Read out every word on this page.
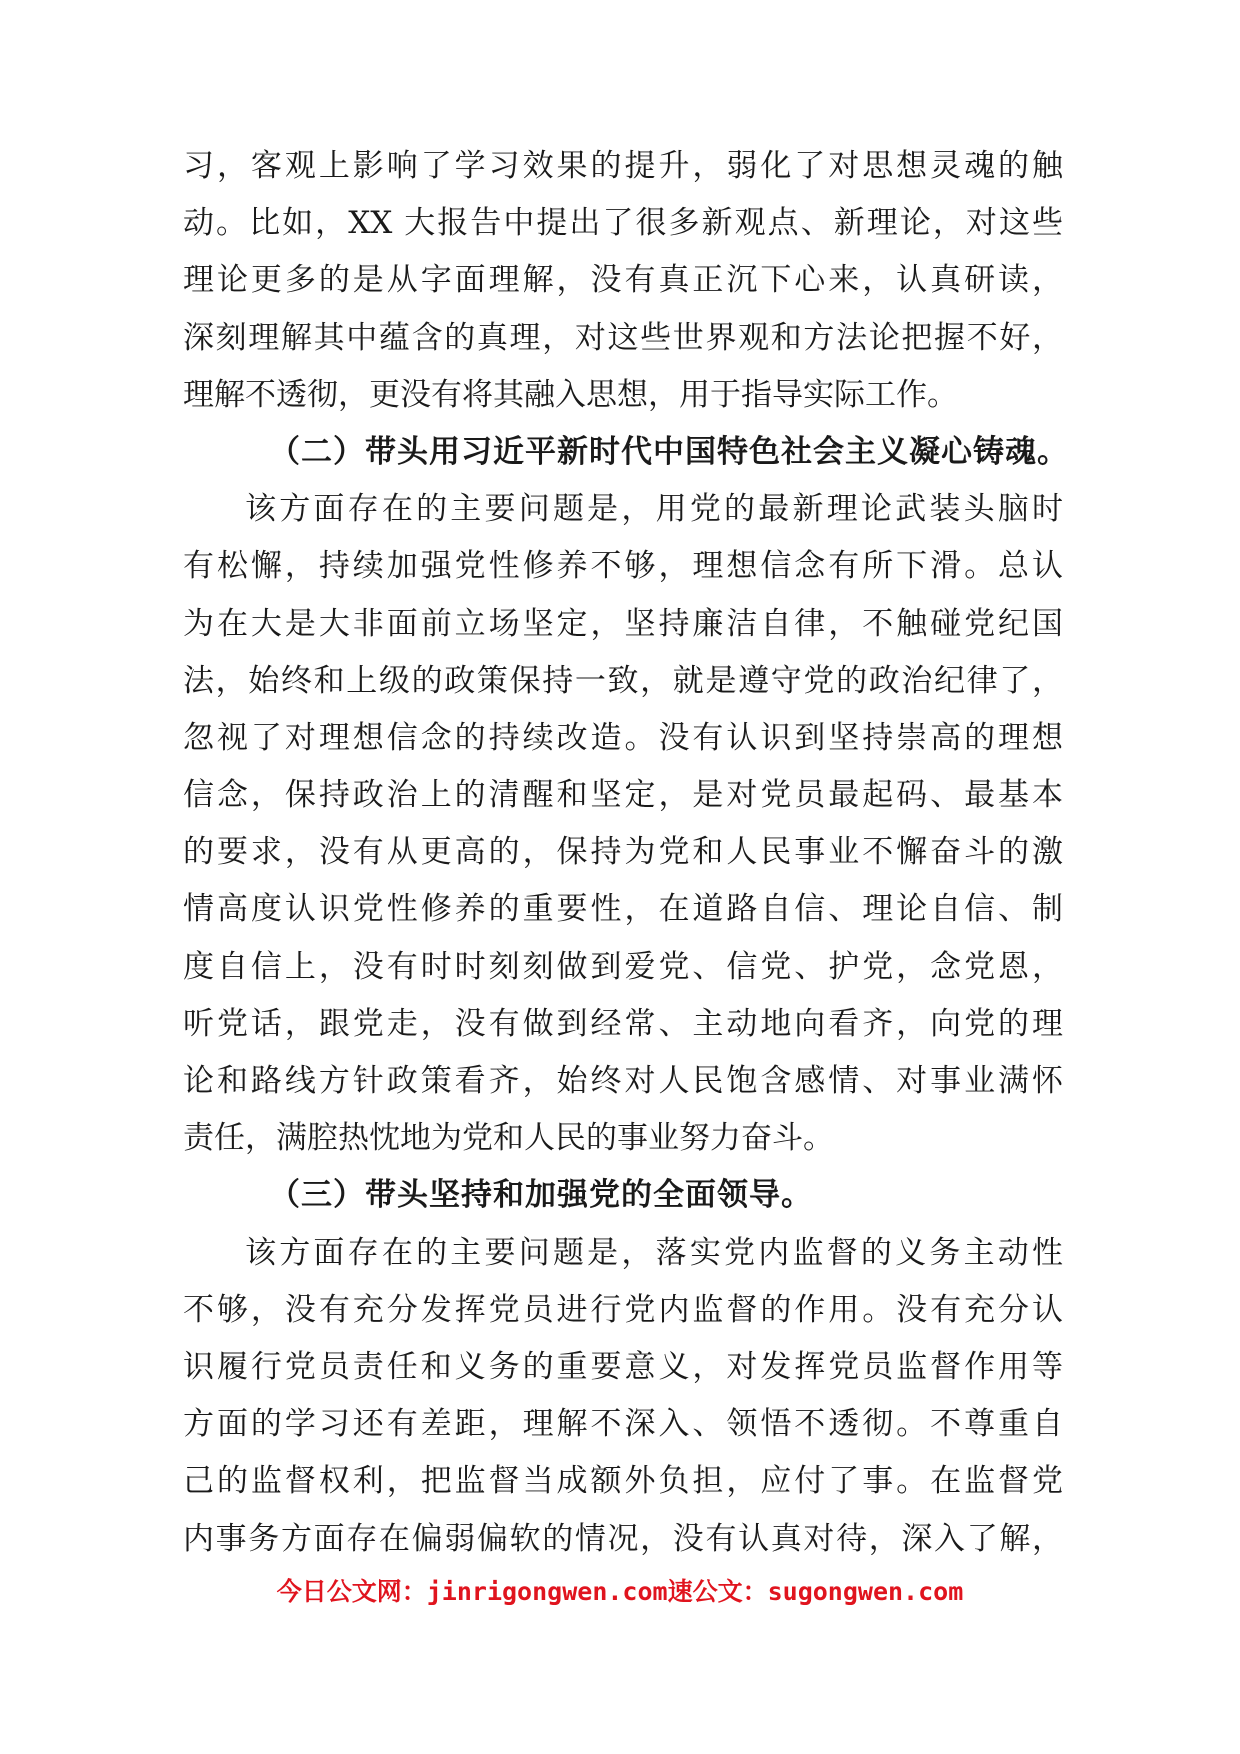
习，客观上影响了学习效果的提升，弱化了对思想灵魂的触
动。比如，XX 大报告中提出了很多新观点、新理论，对这些
理论更多的是从字面理解，没有真正沉下心来，认真研读，
深刻理解其中蕴含的真理，对这些世界观和方法论把握不好，
理解不透彻，更没有将其融入思想，用于指导实际工作。
（二）带头用习近平新时代中国特色社会主义凝心铸魂。
该方面存在的主要问题是，用党的最新理论武装头脑时
有松懈，持续加强党性修养不够，理想信念有所下滑。总认
为在大是大非面前立场坚定，坚持廉洁自律，不触碰党纪国
法，始终和上级的政策保持一致，就是遵守党的政治纪律了，
忽视了对理想信念的持续改造。没有认识到坚持崇高的理想
信念，保持政治上的清醒和坚定，是对党员最起码、最基本
的要求，没有从更高的，保持为党和人民事业不懈奋斗的激
情高度认识党性修养的重要性，在道路自信、理论自信、制
度自信上，没有时时刻刻做到爱党、信党、护党，念党恩，
听党话，跟党走，没有做到经常、主动地向看齐，向党的理
论和路线方针政策看齐，始终对人民饱含感情、对事业满怀
责任，满腔热忱地为党和人民的事业努力奋斗。
（三）带头坚持和加强党的全面领导。
该方面存在的主要问题是，落实党内监督的义务主动性
不够，没有充分发挥党员进行党内监督的作用。没有充分认
识履行党员责任和义务的重要意义，对发挥党员监督作用等
方面的学习还有差距，理解不深入、领悟不透彻。不尊重自
己的监督权利，把监督当成额外负担，应付了事。在监督党
内事务方面存在偏弱偏软的情况，没有认真对待，深入了解，
今日公文网：jinrigongwen.com速公文：sugongwen.com
